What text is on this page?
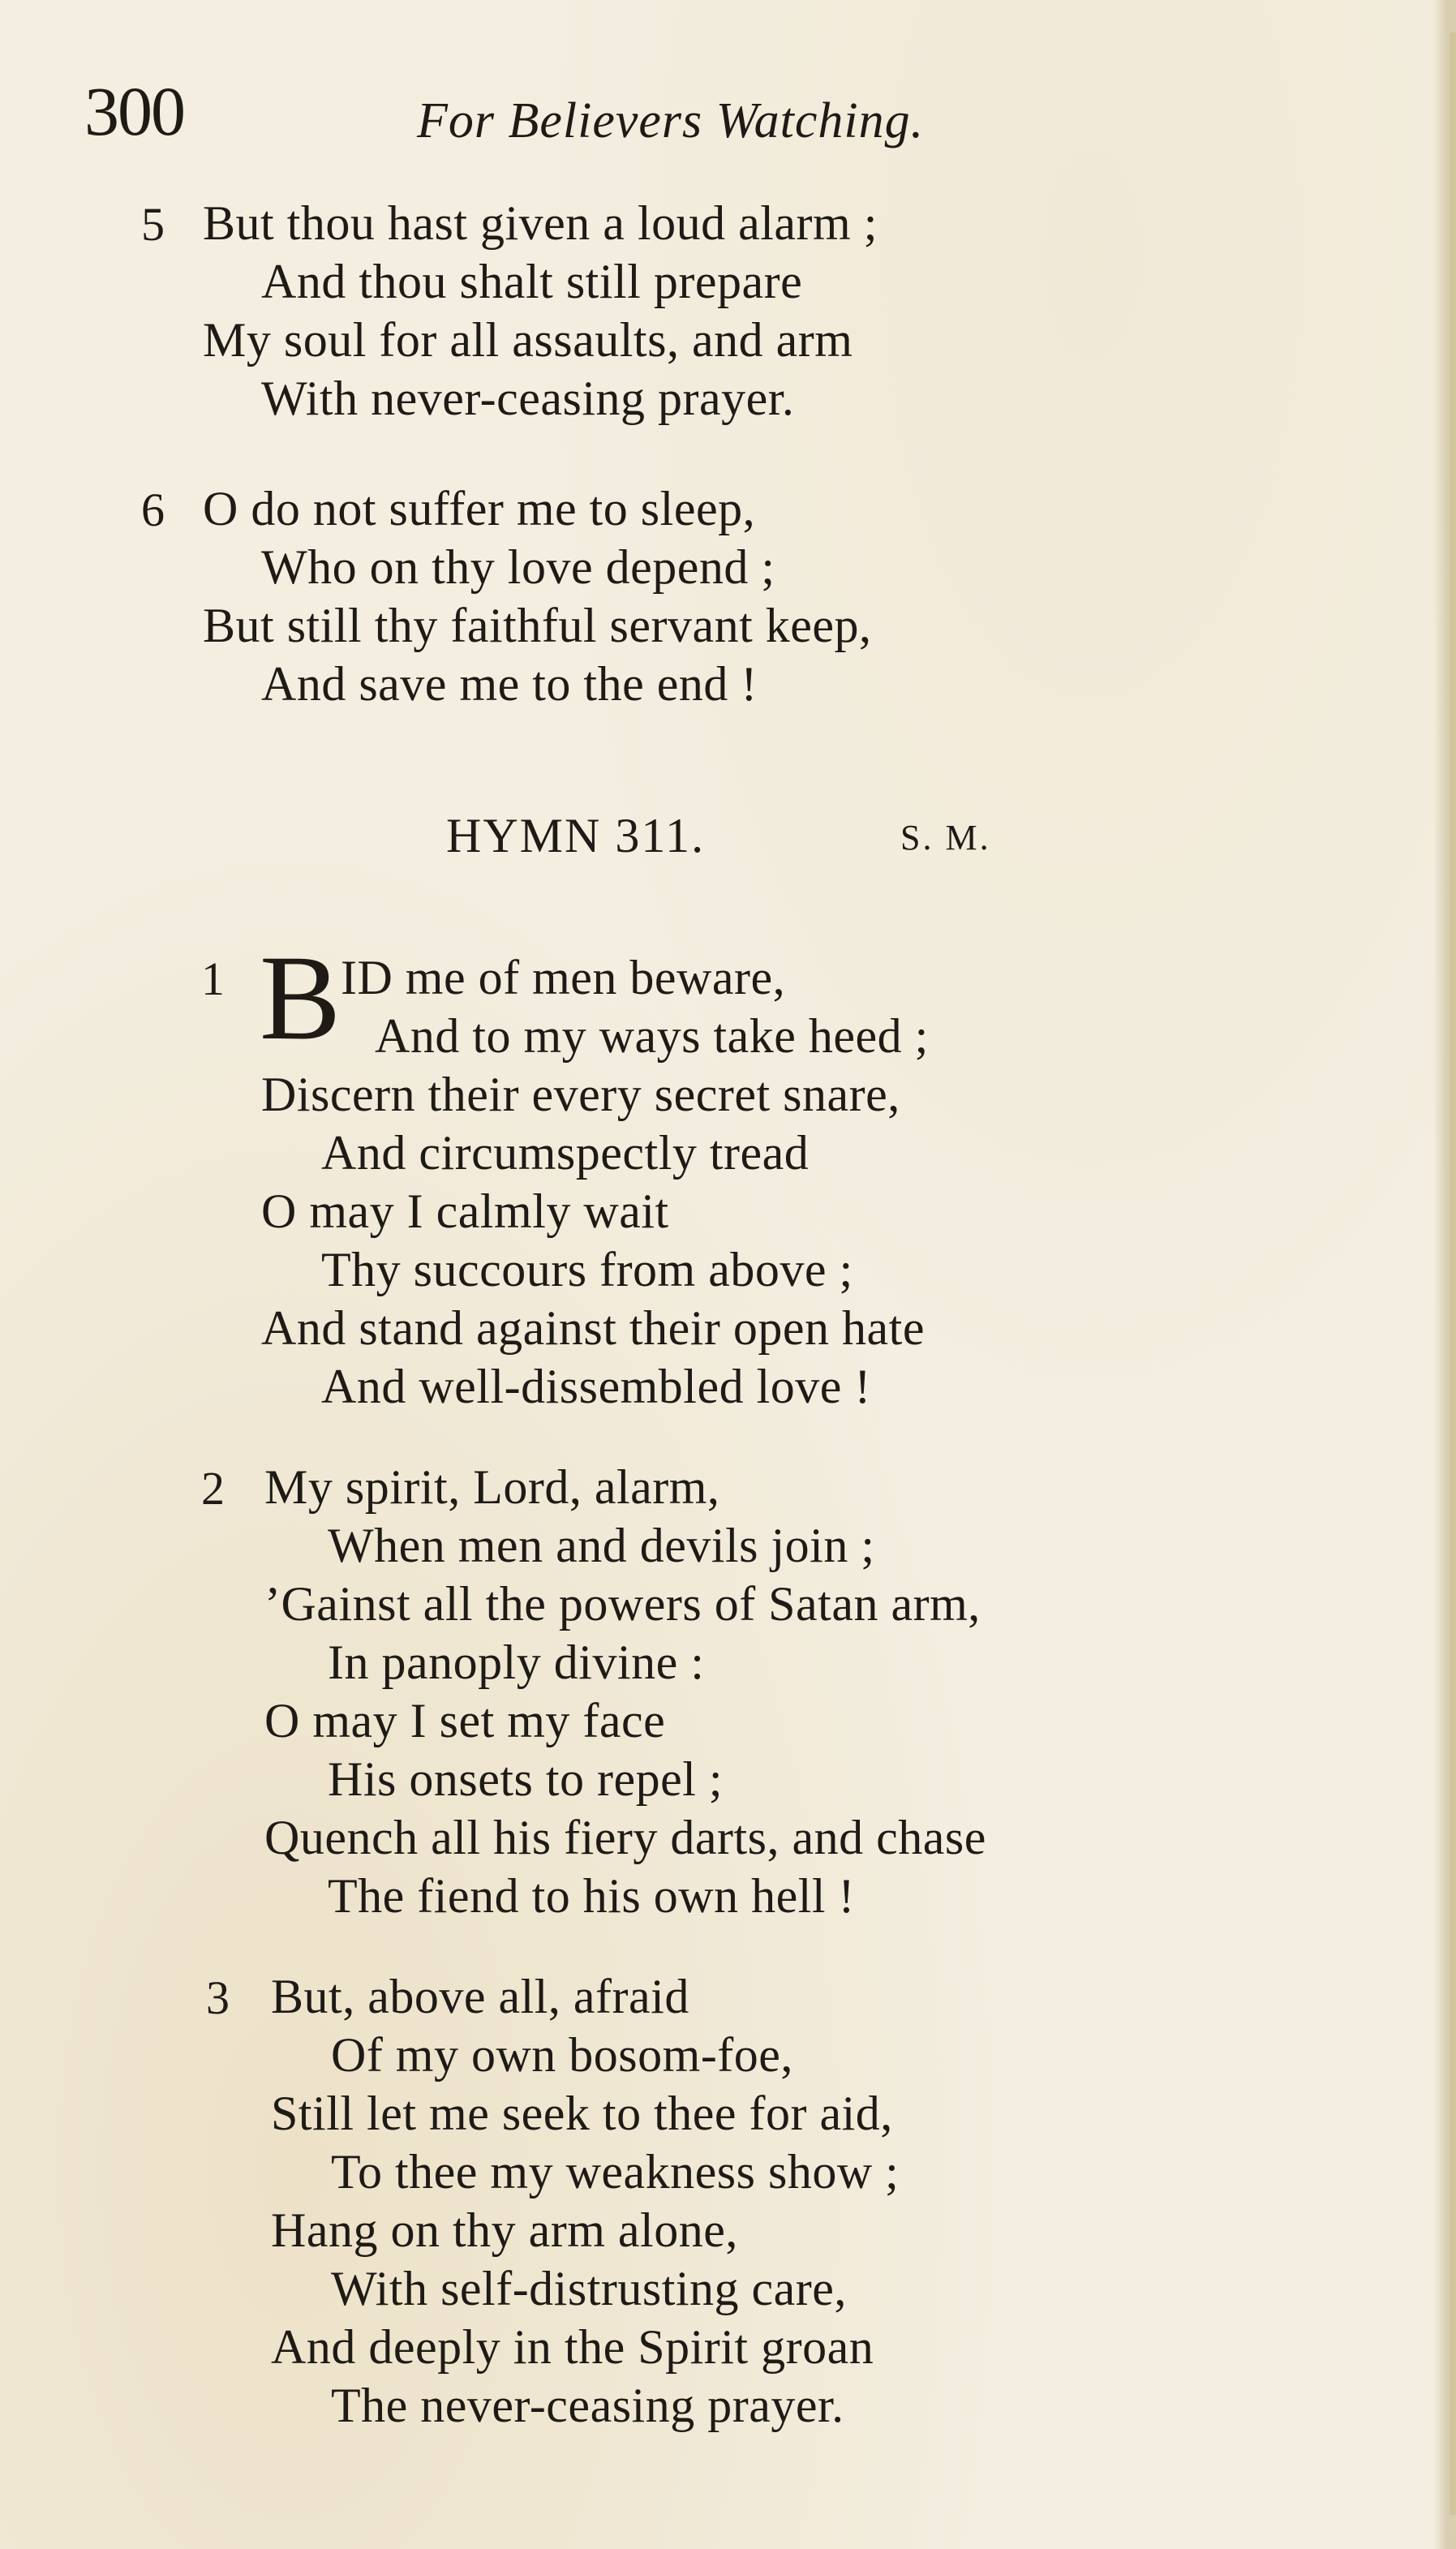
300	For Believers Watching.
5 But thou hast given a loud alarm ;
And thou shalt still prepare
My soul for all assaults, and arm
With never-ceasing prayer.
6 O do not suffer me to sleep,
Who on thy love depend ;
But still thy faithful servant keep,
And save me to the end !
HYMN 311.	S. M.
1 B ID me of men beware,
And to my ways take heed ;
Discern their every secret snare,
And circumspectly tread
O may I calmly wait
Thy succours from above ;
And stand against their open hate
And well-dissembled love !
2 My spirit, Lord, alarm,
When men and devils join ;
’Gainst all the powers of Satan arm,
In panoply divine :
O may I set my face
His onsets to repel ;
Quench all his fiery darts, and chase
The fiend to his own hell !
3 But, above all, afraid
Of my own bosom-foe,
Still let me seek to thee for aid,
To thee my weakness show ;
Hang on thy arm alone,
With self-distrusting care,
And deeply in the Spirit groan
The never-ceasing prayer.
